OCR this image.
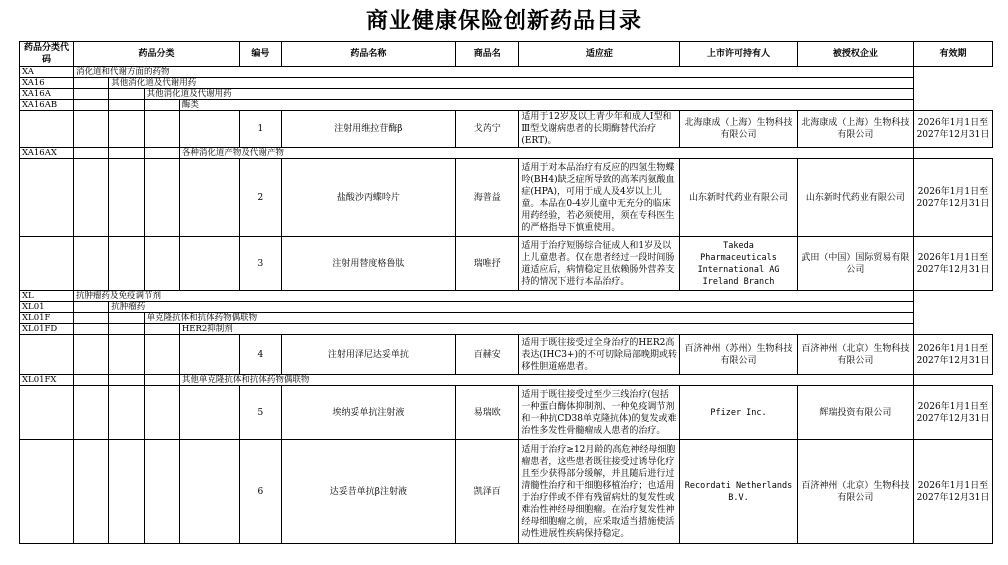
商业健康保险创新药品目录
药品分类代码	药品分类				编号	药品名称	商品名	适应症	上市许可持有人	被授权企业	有效期
XA	消化道和代谢方面的药物										
XA16		其他消化道及代谢用药									
XA16A			其他消化道及代谢用药								
XA16AB				酶类							
					1	注射用维拉苷酶β	戈芮宁	适用于12岁及以上青少年和成人Ⅰ型和Ⅲ型戈谢病患者的长期酶替代治疗(ERT)。	北海康成（上海）生物科技有限公司	北海康成（上海）生物科技有限公司	2026年1月1日至2027年12月31日
XA16AX				各种消化道产物及代谢产物							
					2	盐酸沙丙蝶呤片	海普益	适用于对本品治疗有反应的四氢生物蝶呤(BH4)缺乏症所导致的高苯丙氨酸血症(HPA)，可用于成人及4岁以上儿童。本品在0-4岁儿童中无充分的临床用药经验，若必须使用，须在专科医生的严格指导下慎重使用。	山东新时代药业有限公司	山东新时代药业有限公司	2026年1月1日至2027年12月31日
					3	注射用替度格鲁肽	瑞唯抒	适用于治疗短肠综合征成人和1岁及以上儿童患者。仅在患者经过一段时间肠道适应后，病情稳定且依赖肠外营养支持的情况下进行本品治疗。	Takeda Pharmaceuticals International AG Ireland Branch	武田（中国）国际贸易有限公司	2026年1月1日至2027年12月31日
XL	抗肿瘤药及免疫调节剂										
XL01		抗肿瘤药									
XL01F			单克隆抗体和抗体药物偶联物								
XL01FD				HER2抑制剂							
					4	注射用泽尼达妥单抗	百赫安	适用于既往接受过全身治疗的HER2高表达(IHC3+)的不可切除局部晚期或转移性胆道癌患者。	百济神州（苏州）生物科技有限公司	百济神州（北京）生物科技有限公司	2026年1月1日至2027年12月31日
XL01FX				其他单克隆抗体和抗体药物偶联物							
					5	埃纳妥单抗注射液	易瑞欧	适用于既往接受过至少三线治疗(包括一种蛋白酶体抑制剂、一种免疫调节剂和一种抗CD38单克隆抗体)的复发或难治性多发性骨髓瘤成人患者的治疗。	Pfizer Inc.	辉瑞投资有限公司	2026年1月1日至2027年12月31日
					6	达妥昔单抗β注射液	凯泽百	适用于治疗≥12月龄的高危神经母细胞瘤患者，这些患者既往接受过诱导化疗且至少获得部分缓解，并且随后进行过清髓性治疗和干细胞移植治疗；也适用于治疗伴或不伴有残留病灶的复发性或难治性神经母细胞瘤。在治疗复发性神经母细胞瘤之前，应采取适当措施使活动性进展性疾病保持稳定。	Recordati Netherlands B.V.	百济神州（北京）生物科技有限公司	2026年1月1日至2027年12月31日
